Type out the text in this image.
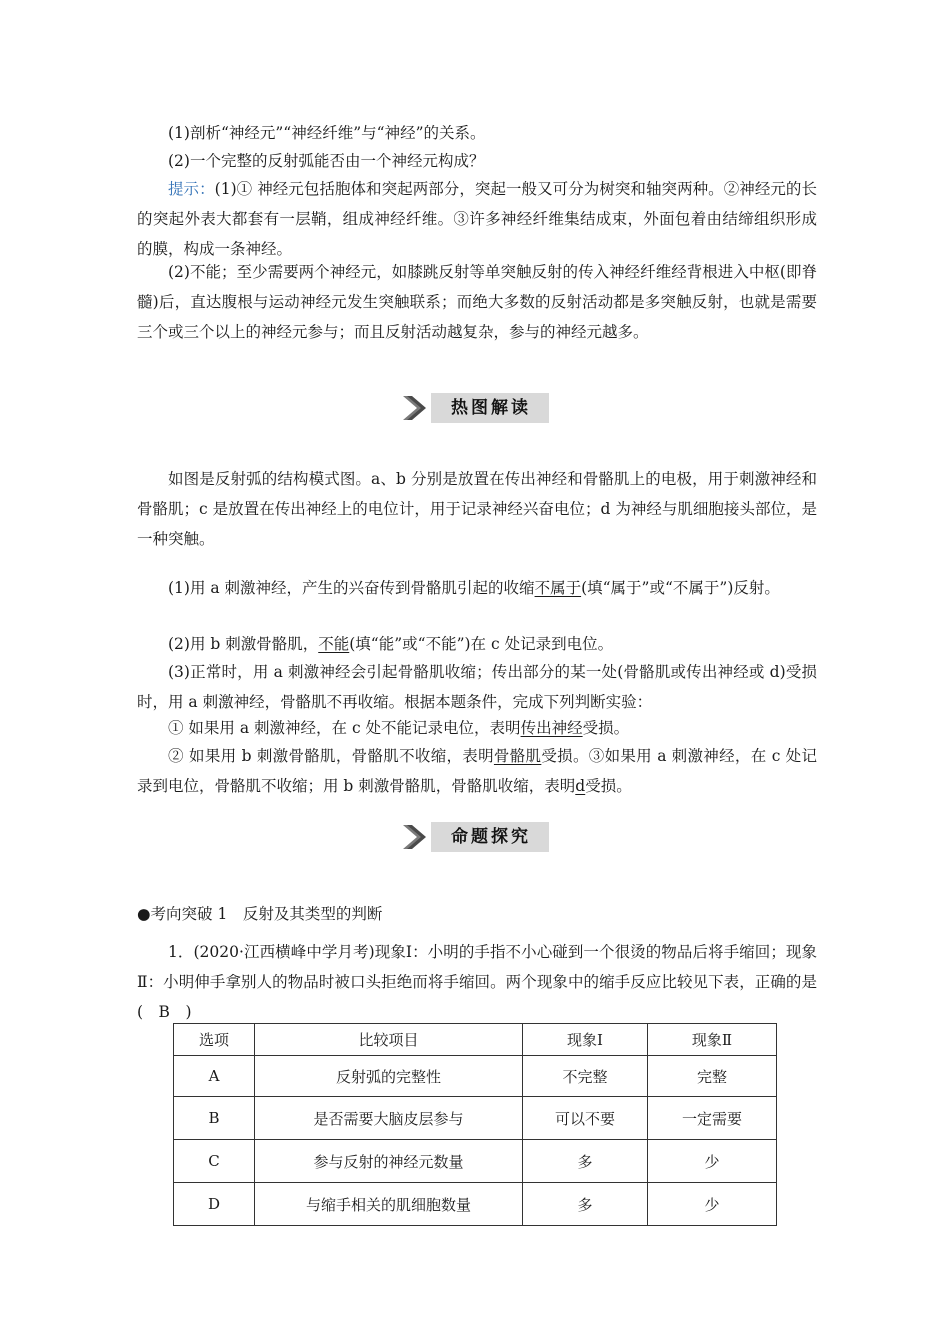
(1)剖析“神经元”“神经纤维”与“神经”的关系。

(2)一个完整的反射弧能否由一个神经元构成？

提示：(1)① 神经元包括胞体和突起两部分，突起一般又可分为树突和轴突两种。②神经元的长的突起外表大都套有一层鞘，组成神经纤维。③许多神经纤维集结成束，外面包着由结缔组织形成的膜，构成一条神经。

(2)不能；至少需要两个神经元，如膝跳反射等单突触反射的传入神经纤维经背根进入中枢(即脊髓)后，直达腹根与运动神经元发生突触联系；而绝大多数的反射活动都是多突触反射，也就是需要三个或三个以上的神经元参与；而且反射活动越复杂，参与的神经元越多。

热图解读

如图是反射弧的结构模式图。a、b 分别是放置在传出神经和骨骼肌上的电极，用于刺激神经和骨骼肌；c 是放置在传出神经上的电位计，用于记录神经兴奋电位；d 为神经与肌细胞接头部位，是一种突触。

(1)用 a 刺激神经，产生的兴奋传到骨骼肌引起的收缩不属于(填“属于”或“不属于”)反射。

(2)用 b 刺激骨骼肌，不能(填“能”或“不能”)在 c 处记录到电位。

(3)正常时，用 a 刺激神经会引起骨骼肌收缩；传出部分的某一处(骨骼肌或传出神经或 d)受损时，用 a 刺激神经，骨骼肌不再收缩。根据本题条件，完成下列判断实验：

① 如果用 a 刺激神经，在 c 处不能记录电位，表明传出神经受损。

② 如果用 b 刺激骨骼肌，骨骼肌不收缩，表明骨骼肌受损。③如果用 a 刺激神经，在 c 处记录到电位，骨骼肌不收缩；用 b 刺激骨骼肌，骨骼肌收缩，表明d受损。

命题探究

●考向突破 1　反射及其类型的判断

1．(2020·江西横峰中学月考)现象Ⅰ：小明的手指不小心碰到一个很烫的物品后将手缩回；现象Ⅱ：小明伸手拿别人的物品时被口头拒绝而将手缩回。两个现象中的缩手反应比较见下表，正确的是(　B　)

选项	比较项目	现象Ⅰ	现象Ⅱ
A	反射弧的完整性	不完整	完整
B	是否需要大脑皮层参与	可以不要	一定需要
C	参与反射的神经元数量	多	少
D	与缩手相关的肌细胞数量	多	少
